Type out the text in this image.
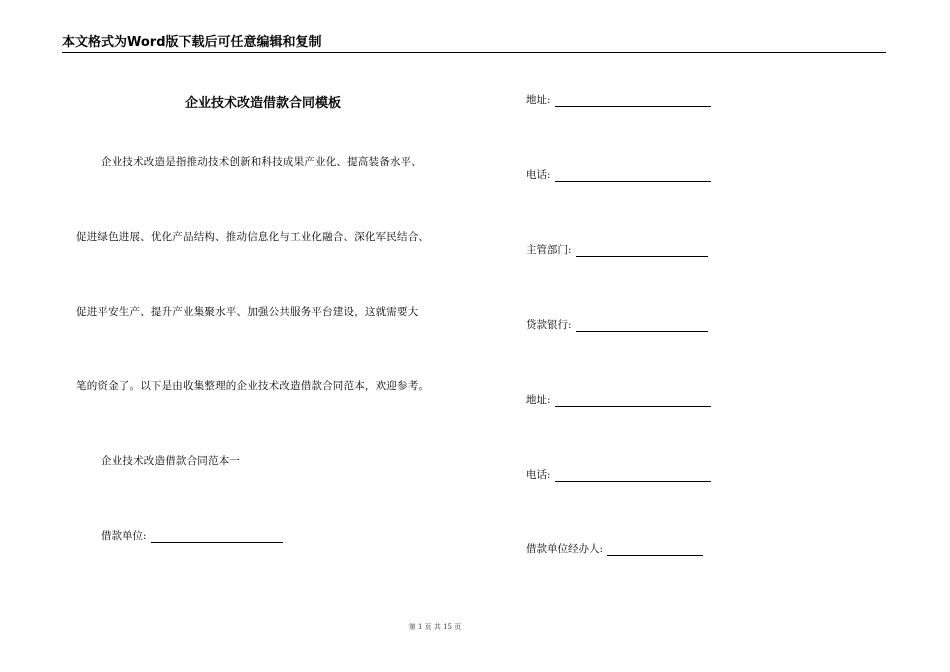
本文格式为Word版下载后可任意编辑和复制
企业技术改造借款合同模板
企业技术改造是指推动技术创新和科技成果产业化、提高装备水平、
促进绿色进展、优化产品结构、推动信息化与工业化融合、深化军民结合、
促进平安生产、提升产业集聚水平、加强公共服务平台建设，这就需要大
笔的资金了。以下是由收集整理的企业技术改造借款合同范本，欢迎参考。
企业技术改造借款合同范本一
借款单位:
地址:
电话:
主管部门:
贷款银行:
地址:
电话:
借款单位经办人:
第 1 页 共 15 页
